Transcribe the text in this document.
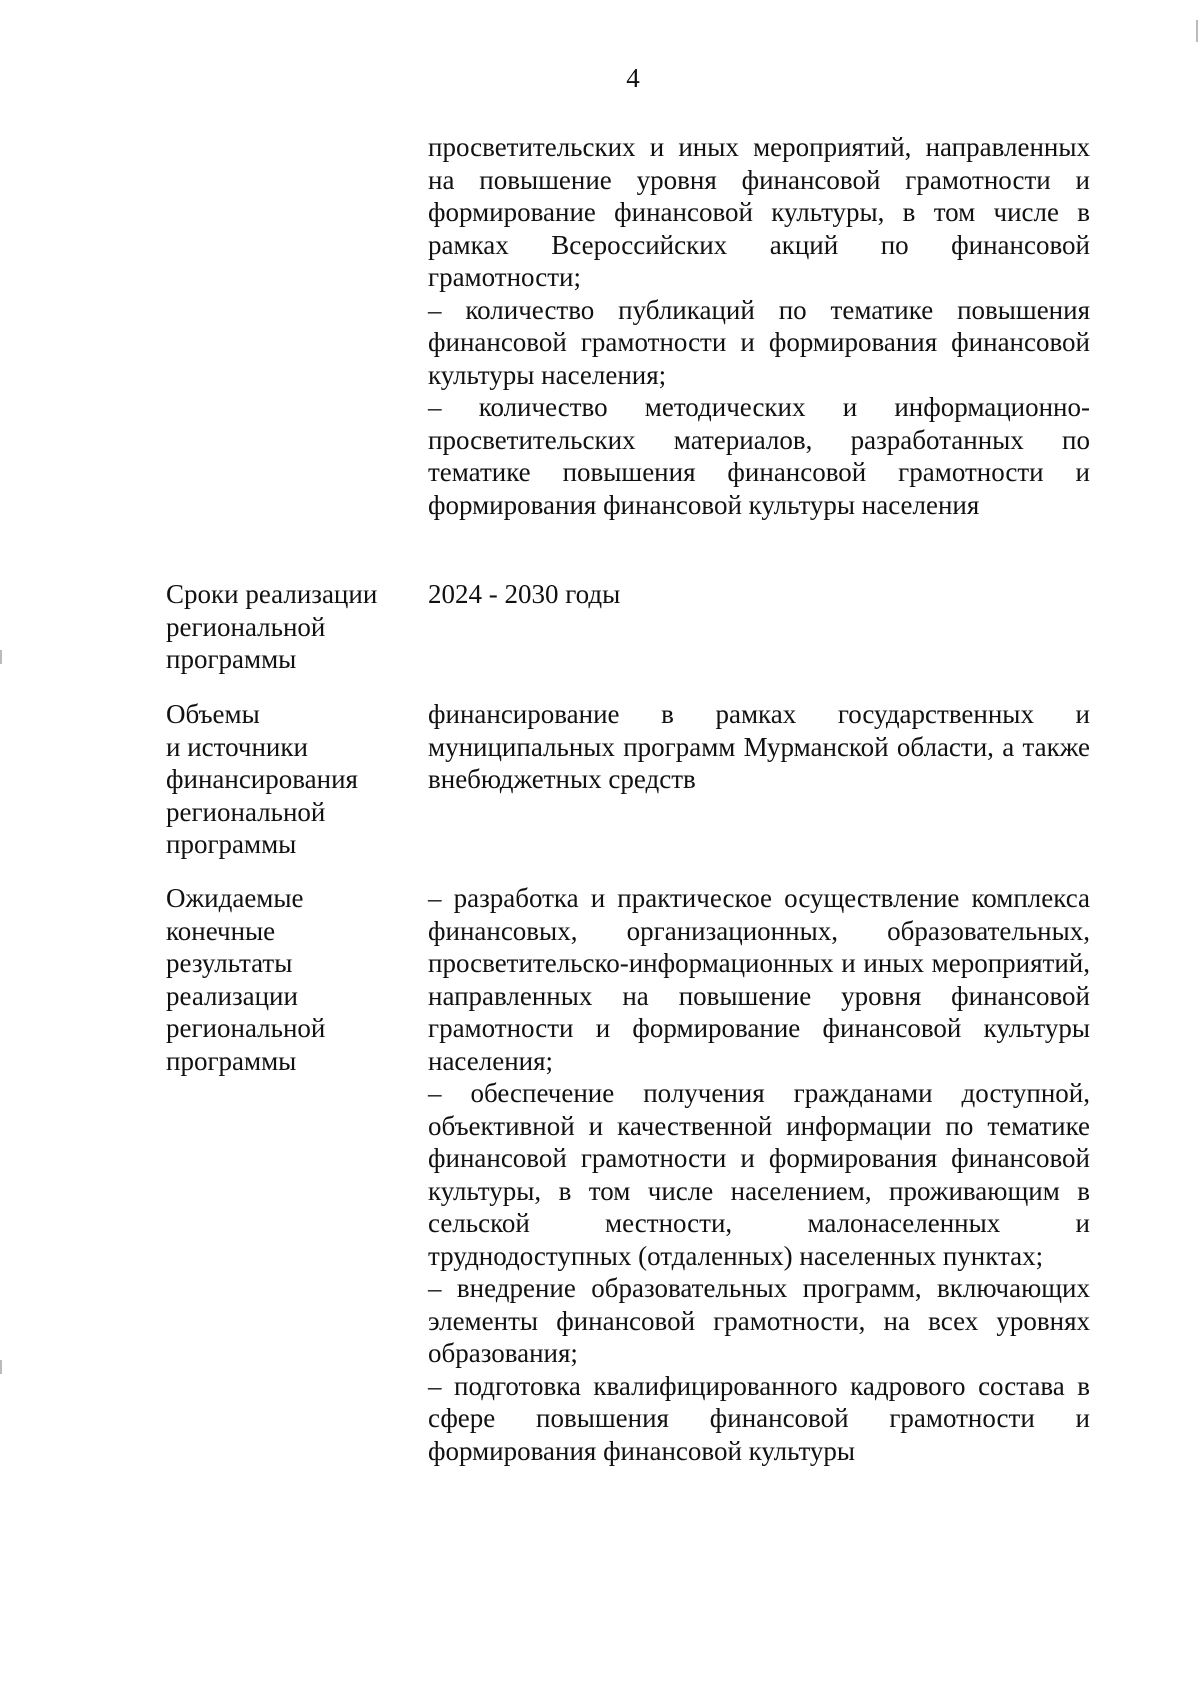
4

просветительских и иных мероприятий, направленных на повышение уровня финансовой грамотности и формирование финансовой культуры, в том числе в рамках Всероссийских акций по финансовой грамотности;

– количество публикаций по тематике повышения финансовой грамотности и формирования финансовой культуры населения;

– количество методических и информационно-просветительских материалов, разработанных по тематике повышения финансовой грамотности и формирования финансовой культуры населения

Сроки реализации
региональной
программы

2024 - 2030 годы

Объемы
и источники
финансирования
региональной
программы

финансирование в рамках государственных и муниципальных программ Мурманской области, а также внебюджетных средств

Ожидаемые
конечные
результаты
реализации
региональной
программы

– разработка и практическое осуществление комплекса финансовых, организационных, образовательных, просветительско-информационных и иных мероприятий, направленных на повышение уровня финансовой грамотности и формирование финансовой культуры населения;

– обеспечение получения гражданами доступной, объективной и качественной информации по тематике финансовой грамотности и формирования финансовой культуры, в том числе населением, проживающим в сельской местности, малонаселенных и труднодоступных (отдаленных) населенных пунктах;

– внедрение образовательных программ, включающих элементы финансовой грамотности, на всех уровнях образования;

– подготовка квалифицированного кадрового состава в сфере повышения финансовой грамотности и формирования финансовой культуры
